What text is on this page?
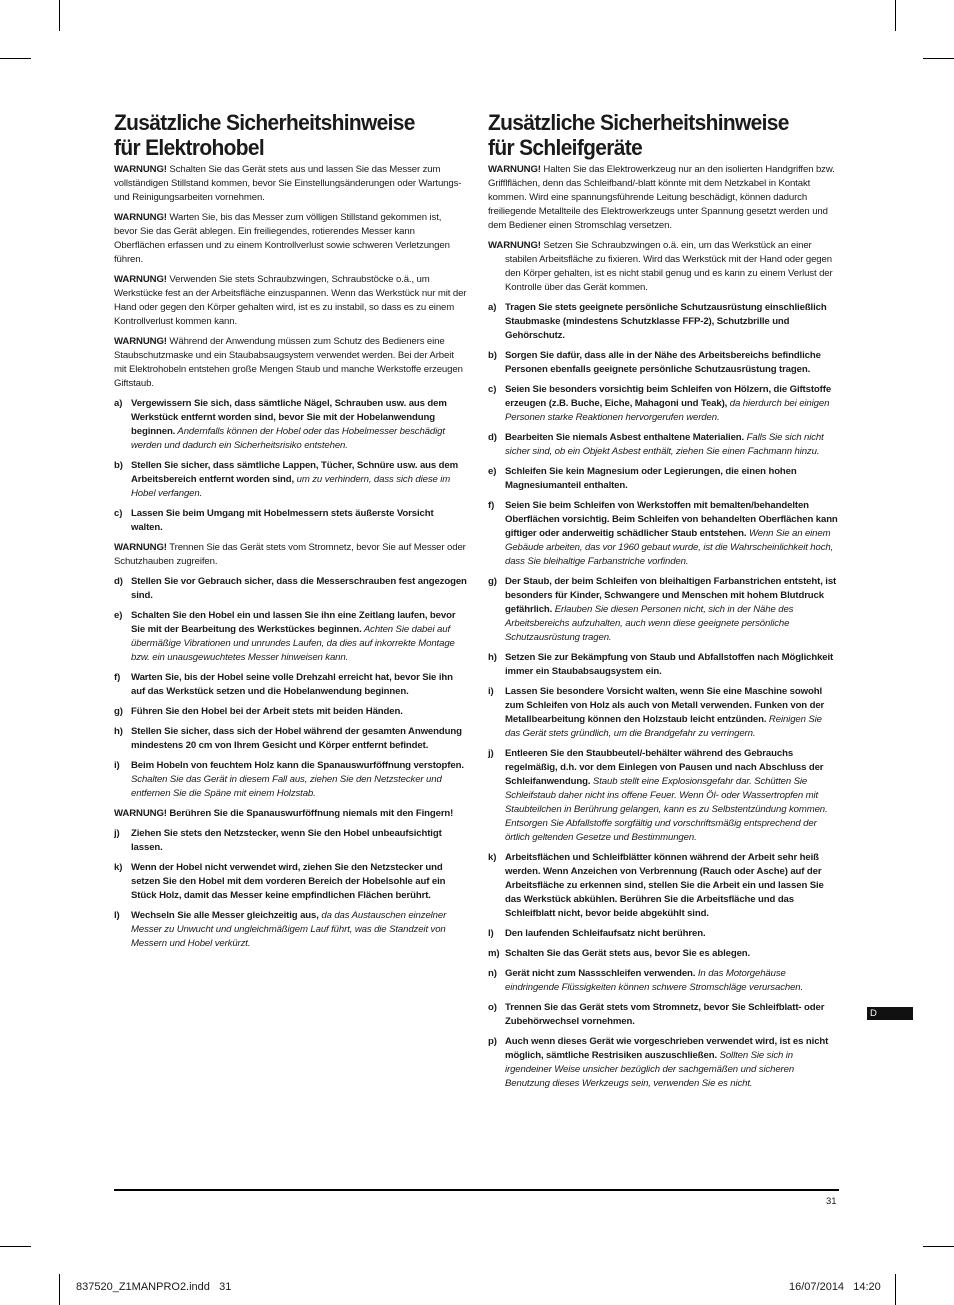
Zusätzliche Sicherheitshinweise
für Elektrohobel
WARNUNG! Schalten Sie das Gerät stets aus und lassen Sie das Messer zum vollständigen Stillstand kommen, bevor Sie Einstellungsänderungen oder Wartungs- und Reinigungsarbeiten vornehmen.
WARNUNG! Warten Sie, bis das Messer zum völligen Stillstand gekommen ist, bevor Sie das Gerät ablegen. Ein freiliegendes, rotierendes Messer kann Oberflächen erfassen und zu einem Kontrollverlust sowie schweren Verletzungen führen.
WARNUNG! Verwenden Sie stets Schraubzwingen, Schraubstöcke o.ä., um Werkstücke fest an der Arbeitsfläche einzuspannen. Wenn das Werkstück nur mit der Hand oder gegen den Körper gehalten wird, ist es zu instabil, so dass es zu einem Kontrollverlust kommen kann.
WARNUNG! Während der Anwendung müssen zum Schutz des Bedieners eine Staubschutzmaske und ein Staubabsaugsystem verwendet werden. Bei der Arbeit mit Elektrohobeln entstehen große Mengen Staub und manche Werkstoffe erzeugen Giftstaub.
a) Vergewissern Sie sich, dass sämtliche Nägel, Schrauben usw. aus dem Werkstück entfernt worden sind, bevor Sie mit der Hobelanwendung beginnen. Andernfalls können der Hobel oder das Hobelmesser beschädigt werden und dadurch ein Sicherheitsrisiko entstehen.
b) Stellen Sie sicher, dass sämtliche Lappen, Tücher, Schnüre usw. aus dem Arbeitsbereich entfernt worden sind, um zu verhindern, dass sich diese im Hobel verfangen.
c) Lassen Sie beim Umgang mit Hobelmessern stets äußerste Vorsicht walten.
WARNUNG! Trennen Sie das Gerät stets vom Stromnetz, bevor Sie auf Messer oder Schutzhauben zugreifen.
d) Stellen Sie vor Gebrauch sicher, dass die Messerschrauben fest angezogen sind.
e) Schalten Sie den Hobel ein und lassen Sie ihn eine Zeitlang laufen, bevor Sie mit der Bearbeitung des Werkstückes beginnen. Achten Sie dabei auf übermäßige Vibrationen und unrundes Laufen, da dies auf inkorrekte Montage bzw. ein unausgewuchtetes Messer hinweisen kann.
f)	Warten Sie, bis der Hobel seine volle Drehzahl erreicht hat, bevor Sie ihn auf das Werkstück setzen und die Hobelanwendung beginnen.
g) Führen Sie den Hobel bei der Arbeit stets mit beiden Händen.
h) Stellen Sie sicher, dass sich der Hobel während der gesamten Anwendung mindestens 20 cm von Ihrem Gesicht und Körper entfernt befindet.
i)	Beim Hobeln von feuchtem Holz kann die Spanauswurföffnung verstopfen. Schalten Sie das Gerät in diesem Fall aus, ziehen Sie den Netzstecker und entfernen Sie die Späne mit einem Holzstab.
WARNUNG! Berühren Sie die Spanauswurföffnung niemals mit den Fingern!
j)	Ziehen Sie stets den Netzstecker, wenn Sie den Hobel unbeaufsichtigt lassen.
k) Wenn der Hobel nicht verwendet wird, ziehen Sie den Netzstecker und setzen Sie den Hobel mit dem vorderen Bereich der Hobelsohle auf ein Stück Holz, damit das Messer keine empfindlichen Flächen berührt.
l)	Wechseln Sie alle Messer gleichzeitig aus, da das Austauschen einzelner Messer zu Unwucht und ungleichmäßigem Lauf führt, was die Standzeit von Messern und Hobel verkürzt.
Zusätzliche Sicherheitshinweise
für Schleifgeräte
WARNUNG! Halten Sie das Elektrowerkzeug nur an den isolierten Handgriffen bzw. Grifflflächen, denn das Schleifband/-blatt könnte mit dem Netzkabel in Kontakt kommen. Wird eine spannungsführende Leitung beschädigt, können dadurch freiliegende Metallteile des Elektrowerkzeugs unter Spannung gesetzt werden und dem Bediener einen Stromschlag versetzen.
WARNUNG! Setzen Sie Schraubzwingen o.ä. ein, um das Werkstück an einer stabilen Arbeitsfläche zu fixieren. Wird das Werkstück mit der Hand oder gegen den Körper gehalten, ist es nicht stabil genug und es kann zu einem Verlust der Kontrolle über das Gerät kommen.
a) Tragen Sie stets geeignete persönliche Schutzausrüstung einschließlich Staubmaske (mindestens Schutzklasse FFP-2), Schutzbrille und Gehörschutz.
b) Sorgen Sie dafür, dass alle in der Nähe des Arbeitsbereichs befindliche Personen ebenfalls geeignete persönliche Schutzausrüstung tragen.
c) Seien Sie besonders vorsichtig beim Schleifen von Hölzern, die Giftstoffe erzeugen (z.B. Buche, Eiche, Mahagoni und Teak), da hierdurch bei einigen Personen starke Reaktionen hervorgerufen werden.
d) Bearbeiten Sie niemals Asbest enthaltene Materialien. Falls Sie sich nicht sicher sind, ob ein Objekt Asbest enthält, ziehen Sie einen Fachmann hinzu.
e) Schleifen Sie kein Magnesium oder Legierungen, die einen hohen Magnesiumanteil enthalten.
f)	Seien Sie beim Schleifen von Werkstoffen mit bemalten/behandelten Oberflächen vorsichtig. Beim Schleifen von behandelten Oberflächen kann giftiger oder anderweitig schädlicher Staub entstehen. Wenn Sie an einem Gebäude arbeiten, das vor 1960 gebaut wurde, ist die Wahrscheinlichkeit hoch, dass Sie bleihaltige Farbanstriche vorfinden.
g) Der Staub, der beim Schleifen von bleihaltigen Farbanstrichen entsteht, ist besonders für Kinder, Schwangere und Menschen mit hohem Blutdruck gefährlich. Erlauben Sie diesen Personen nicht, sich in der Nähe des Arbeitsbereichs aufzuhalten, auch wenn diese geeignete persönliche Schutzausrüstung tragen.
h) Setzen Sie zur Bekämpfung von Staub und Abfallstoffen nach Möglichkeit immer ein Staubabsaugsystem ein.
i)	Lassen Sie besondere Vorsicht walten, wenn Sie eine Maschine sowohl zum Schleifen von Holz als auch von Metall verwenden. Funken von der Metallbearbeitung können den Holzstaub leicht entzünden. Reinigen Sie das Gerät stets gründlich, um die Brandgefahr zu verringern.
j)	Entleeren Sie den Staubbeutel/-behälter während des Gebrauchs regelmäßig, d.h. vor dem Einlegen von Pausen und nach Abschluss der Schleifanwendung. Staub stellt eine Explosionsgefahr dar. Schütten Sie Schleifstaub daher nicht ins offene Feuer. Wenn Öl- oder Wassertropfen mit Staubteilchen in Berührung gelangen, kann es zu Selbstentzündung kommen. Entsorgen Sie Abfallstoffe sorgfältig und vorschriftsmäßig entsprechend der örtlich geltenden Gesetze und Bestimmungen.
k) Arbeitsflächen und Schleifblätter können während der Arbeit sehr heiß werden. Wenn Anzeichen von Verbrennung (Rauch oder Asche) auf der Arbeitsfläche zu erkennen sind, stellen Sie die Arbeit ein und lassen Sie das Werkstück abkühlen. Berühren Sie die Arbeitsfläche und das Schleifblatt nicht, bevor beide abgekühlt sind.
l)	Den laufenden Schleifaufsatz nicht berühren.
m) Schalten Sie das Gerät stets aus, bevor Sie es ablegen.
n) Gerät nicht zum Nassschleifen verwenden. In das Motorgehäuse eindringende Flüssigkeiten können schwere Stromschläge verursachen.
o) Trennen Sie das Gerät stets vom Stromnetz, bevor Sie Schleifblatt- oder Zubehörwechsel vornehmen.
p) Auch wenn dieses Gerät wie vorgeschrieben verwendet wird, ist es nicht möglich, sämtliche Restrisiken auszuschließen. Sollten Sie sich in irgendeiner Weise unsicher bezüglich der sachgemäßen und sicheren Benutzung dieses Werkzeugs sein, verwenden Sie es nicht.
D
31
837520_Z1MANPRO2.indd   31	16/07/2014   14:20
